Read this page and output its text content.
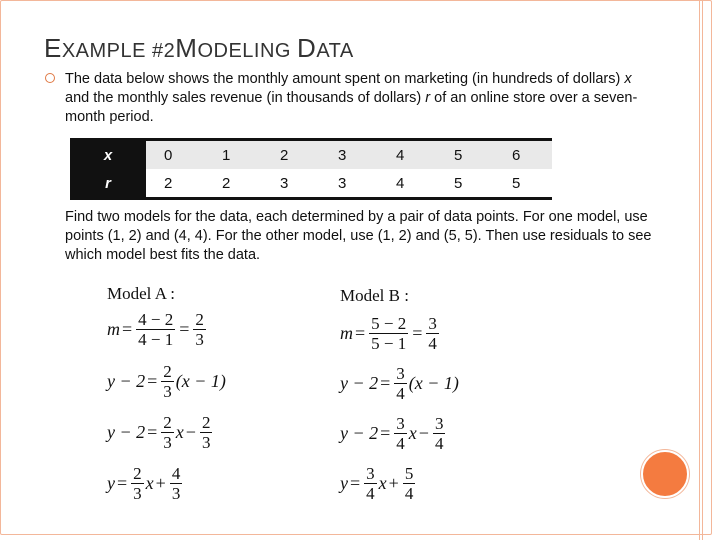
EXAMPLE #2MODELING DATA
The data below shows the monthly amount spent on marketing (in hundreds of dollars) x and the monthly sales revenue (in thousands of dollars) r of an online store over a seven-month period.
x	0	1	2	3	4	5	6
r	2	2	3	3	4	5	5
Find two models for the data, each determined by a pair of data points. For one model, use points (1, 2) and (4, 4). For the other model, use (1, 2) and (5, 5). Then use residuals to see which model best fits the data.
Model A :
$m = \frac{4 - 2}{4 - 1} = \frac{2}{3}$
$y - 2 = \frac{2}{3} (x - 1)$
$y - 2 = \frac{2}{3}$ $x - \frac{2}{3}$
$y = \frac{2}{3}$ $x + \frac{4}{3}$
Model B :
$m = \frac{5 - 2}{5 - 1} = \frac{3}{4}$
$y - 2 = \frac{3}{4} (x - 1)$
$y - 2 = \frac{3}{4}$ $x - \frac{3}{4}$
$y = \frac{3}{4}$ $x + \frac{5}{4}$
